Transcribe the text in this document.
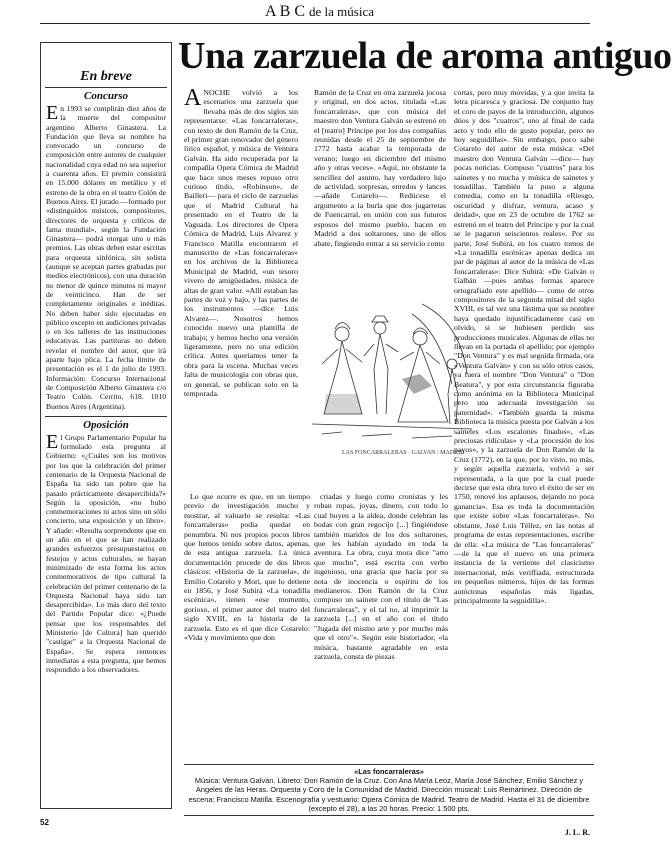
A B C de la música
En breve
Concurso

En 1993 se cumplirán diez años de la muerte del compositor argentino Alberto Ginastera. La Fundación que lleva su nombre ha convocado un concurso de composición entre autores de cualquier nacionalidad cuya edad no sea superior a cuarenta años. El premio consistirá en 15.000 dólares en metálico y el estreno de la obra en el teatro Colón de Buenos Aires. El jurado —formado por «distinguidos músicos, compositores, directores de orquesta y críticos de fama mundial», según la Fundación Ginastera— podrá otorgar uno o más premios. Las obras deben estar escritas para orquesta sinfónica, sin solista (aunque se aceptan partes grabadas por medios electrónicos), con una duración no menor de quince minutos ni mayor de veinticinco. Han de ser completamente originales e inéditas. No deben haber sido ejecutadas en público excepto en audiciones privadas o en los talleres de las instituciones educativas. Las partituras no deben revelar el nombre del autor, que irá aparte bajo plica. La fecha límite de presentación es el 1 de julio de 1993. Información: Concurso Internacional de Composición Alberto Ginastera c/o Teatro Colón. Cerrito, 618. 1010 Buenos Aires (Argentina).

Oposición

El Grupo Parlamentario Popular ha formulado esta pregunta al Gobierno: «¿Cuáles son los motivos por los que la celebración del primer centenario de la Orquesta Nacional de España ha sido tan pobre que ha pasado prácticamente desapercibida?» Según la oposición, «no hubo conmemoraciones ni actos sino un sólo concierto, una exposición y un libro». Y añade: «Resulta sorprendente que en un año en el que se han realizado grandes esfuerzos presupuestarios en festejos y actos culturales, se hayan minimizado de esta forma los actos conmemorativos de tipo cultural la celebración del primer centenario de la Orquesta Nacional haya sido tan desapercibida». Lo más duro del texto del Partido Popular dice: «¿Puede pensar que los responsables del Ministerio [de Cultura] han querido "castigar" a la Orquesta Nacional de España». Se espera rentonces inmediatas a esta pregunta, que hemos respondido a los observadores.

Una zarzuela de aroma antiguo
A NOCHE volvió a los escenarios una zarzuela que llevaba más de dos siglos sin representarse: «Las foncarraleras», con texto de don Ramón de la Cruz, el primer gran renovador del género lírico español, y música de Ventura Galván. Ha sido recuperada por la compañía Opera Cómica de Madrid que hace unos meses repuso otro curioso título, «Robinson», de Bailleri— para el ciclo de zarzuelas que el Madrid Cultural ha presentado en el Teatro de la Vaguada. Los directores de Opera Cómica de Madrid, Luis Alvarez y Francisco Matilla encontraron el manuscrito de «Las foncarraleras» en los archivos de la Biblioteca Municipal de Madrid, «un tesoro vivero de amigüedades, música de altas de gran valor. «Allí estaban las partes de voz y bajo, y las partes de los instrumentos —dice Luis Alvarez—. Nosotros hemos conocido nuevo una plantilla de trabajo; y hemos hecho una versión ligeramente, pero no una edición crítica. Antes queríamos tener la obra para la escena. Muchas veces falta de musicología con obras que, en general, se publican solo en la temporada.

Lo que ocurre es que, en un tiempo previo de investigación mucho y mostrar, al valuarlo se resulta: «Las foncarraleras» podía quedar en penumbra. Ni nos propios pocos libros que hemos tenido sobre datos, apenas, de esta antigua zarzuela. La única documentación procede de dos libros clásicos: «Historia de la zarzuela», de Emilio Cotarelo y Mori, que lo detiene en 1856, y José Subirá «La tonadilla escénica», tienen «ese momento, gorioso, el primer autor del teatro del siglo XVIII, en la historia de la zarzuela. Esto es el que dice Cotarelo: «Vida y movimiento que don

Ramón de la Cruz en otra zarzuela jocosa y original, en dos actos, titulada «Las foncarraleras», que con música del maestro don Ventura Galván se estrenó en el [teatro] Príncipe por los dos compañías reunidas desde el 25 de septiembre de 1772 hasta acabar la temporada de verano; luego en diciembre del mismo año y otras veces». «Aquí, no obstante la sencillez del asunto, hay verdadero lujo de actividad, sorpresas, enredos y lances —añade Cotarelo—. Redúcese el argumento a la burla que dos jugarretas de Fuencarral, en unión con sus futuros esposos del mismo pueblo, hacen en Madrid a dos soltarones, uno de ellos abate, fingiendo entrar a su servicio como

LAS FONCARRALERAS · GALVAN / MADRID

criadas y luego como cronistas y les roban ropas, joyas, dinero, con todo lo cual huyen a la aldea, donde celebran las bodas con gran regocijo [...] fingiéndose también maridos de los dos soltarones, que les habían ayudado en toda la aventura. La obra, cuya mora dice "arto que mucho", está escrita con verbo ingenioso, una gracia que hacía por su nota de inocencia o espíritu de los medianeros. Don Ramón de la Cruz compuso un sainete con el título de "Las foncarraleras", y el tal no, al imprimir la zarzuela [...] en el año con el título "Jugada del mismo arte y por mucho más que el otro"». Según este historiador, «la música, bastante agradable en esta zarzuela, consta de piezas

cortas, pero muy movidas, y a que invita la letra picaresca y graciosa. De conjunto hay el coro de payos de la introducción, algunos dúos y dos "cuatros", uno al final de cada acto y todo ello de gusto popular, pero no hoy seguidillas». Sin embargo, poco sabe Cotarelo del autor de esta música: «Del maestro don Ventura Galván —dice— hay pocas noticias. Compuso "cuatros" para los sainetes y no mucha y música de sainetes y tonadillas. También la puso a alguna comedia, como en la tonadilla «Riesgo, oscuridad y disfraz, ventura, acaso y deidad», que en 23 de octubre de 1762 se estrenó en el teatro del Príncipe y por la cual se le pagaron seiscientos reales». Por su parte, José Subirá, en los cuatro tomos de «La tonadilla escénica» apenas dedica un par de páginas al autor de la música de «Las foncarraleras»: Dice Subirá: «De Galván o Galbán —pues ambas formas aparece ortografiado este apellido— como de otros compositores de la segunda mitad del siglo XVIII, es tal vez una lástima que su nombre haya quedado injustificadamente casi en olvido, si se hubiesen perdido sus producciones musicales. Algunas de ellas no llevan en la portada el apellido; por ejemplo "Don Ventura" y es mal seguida firmada, ora «Ventura Galván» y con su sólo otros casos, ya fuera el nombre "Don Ventura" o "Don Beatura", y por esta circunstancia figuraba como anónima en la Biblioteca Municipal pero una adecuada investigación su paternidad». «También guarda la misma Biblioteca la música puesta por Galván a los sainetes «Los escalones finados», «Las preciosas ridículas» y «La procesión de los payos», y la zarzuela de Don Ramón de la Cruz (1772), en la que, por lo visto, no más, y según aquella zarzuela, volvió a ser representada, a la que por la cual puede decirse que esta obra tuvo el éxito de ser en 1750, renové los aplausos, dejando no poca ganancia». Esa es toda la documentación que existe sobre «Las foncarraleras». No obstante, José Luis Téllez, en las notas al programa de estas representaciones, escribe de ella: «La música de "Las foncarraleras" —de la que el nuevo en una primera instancia de la vertiente del clasicismo internacional, más veriffiada, estructurada en pequeños números, hijos de las formas autóctonas españolas más ligadas, principalmente la seguidilla».

«Las foncarraleras»
Música: Ventura Galván. Libreto: Don Ramón de la Cruz. Con Ana María Leoz, María José Sánchez, Emilio Sánchez y Angeles de las Heras. Orquesta y Coro de la Comunidad de Madrid. Dirección musical: Luis Remártinez. Dirección de escena: Francisco Matilla. Escenografía y vestuario: Opera Cómica de Madrid. Teatro de Madrid. Hasta el 31 de diciembre (excepto el 28), a las 20 horas. Precio: 1.500 pts.
J. L. R.
52
